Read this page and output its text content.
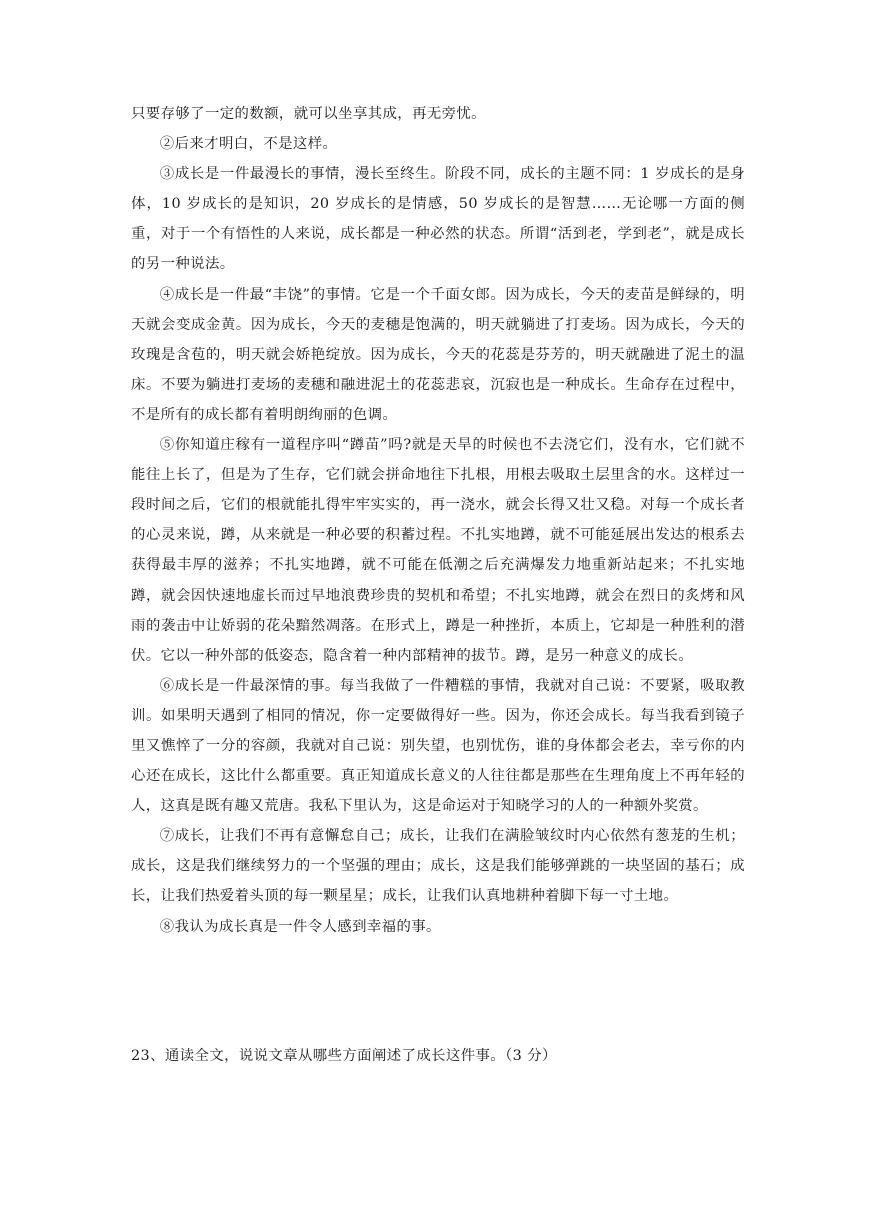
只要存够了一定的数额，就可以坐享其成，再无旁忧。

②后来才明白，不是这样。

③成长是一件最漫长的事情，漫长至终生。阶段不同，成长的主题不同：1 岁成长的是身体，10 岁成长的是知识，20 岁成长的是情感，50 岁成长的是智慧……无论哪一方面的侧重，对于一个有悟性的人来说，成长都是一种必然的状态。所谓“活到老，学到老”，就是成长的另一种说法。

④成长是一件最“丰饶”的事情。它是一个千面女郎。因为成长，今天的麦苗是鲜绿的，明天就会变成金黄。因为成长，今天的麦穗是饱满的，明天就躺进了打麦场。因为成长，今天的玫瑰是含苞的，明天就会娇艳绽放。因为成长，今天的花蕊是芬芳的，明天就融进了泥土的温床。不要为躺进打麦场的麦穗和融进泥土的花蕊悲哀，沉寂也是一种成长。生命存在过程中，不是所有的成长都有着明朗绚丽的色调。

⑤你知道庄稼有一道程序叫“蹲苗”吗?就是天旱的时候也不去浇它们，没有水，它们就不能往上长了，但是为了生存，它们就会拼命地往下扎根，用根去吸取土层里含的水。这样过一段时间之后，它们的根就能扎得牢牢实实的，再一浇水，就会长得又壮又稳。对每一个成长者的心灵来说，蹲，从来就是一种必要的积蓄过程。不扎实地蹲，就不可能延展出发达的根系去获得最丰厚的滋养；不扎实地蹲，就不可能在低潮之后充满爆发力地重新站起来；不扎实地蹲，就会因快速地虚长而过早地浪费珍贵的契机和希望；不扎实地蹲，就会在烈日的炙烤和风雨的袭击中让娇弱的花朵黯然凋落。在形式上，蹲是一种挫折，本质上，它却是一种胜利的潜伏。它以一种外部的低姿态，隐含着一种内部精神的拔节。蹲，是另一种意义的成长。

⑥成长是一件最深情的事。每当我做了一件糟糕的事情，我就对自己说：不要紧，吸取教训。如果明天遇到了相同的情况，你一定要做得好一些。因为，你还会成长。每当我看到镜子里又憔悴了一分的容颜，我就对自己说：别失望，也别忧伤，谁的身体都会老去，幸亏你的内心还在成长，这比什么都重要。真正知道成长意义的人往往都是那些在生理角度上不再年轻的人，这真是既有趣又荒唐。我私下里认为，这是命运对于知晓学习的人的一种额外奖赏。

⑦成长，让我们不再有意懈怠自己；成长，让我们在满脸皱纹时内心依然有葱茏的生机；成长，这是我们继续努力的一个坚强的理由；成长，这是我们能够弹跳的一块坚固的基石；成长，让我们热爱着头顶的每一颗星星；成长，让我们认真地耕种着脚下每一寸土地。

⑧我认为成长真是一件令人感到幸福的事。

23、通读全文，说说文章从哪些方面阐述了成长这件事。（3 分）
